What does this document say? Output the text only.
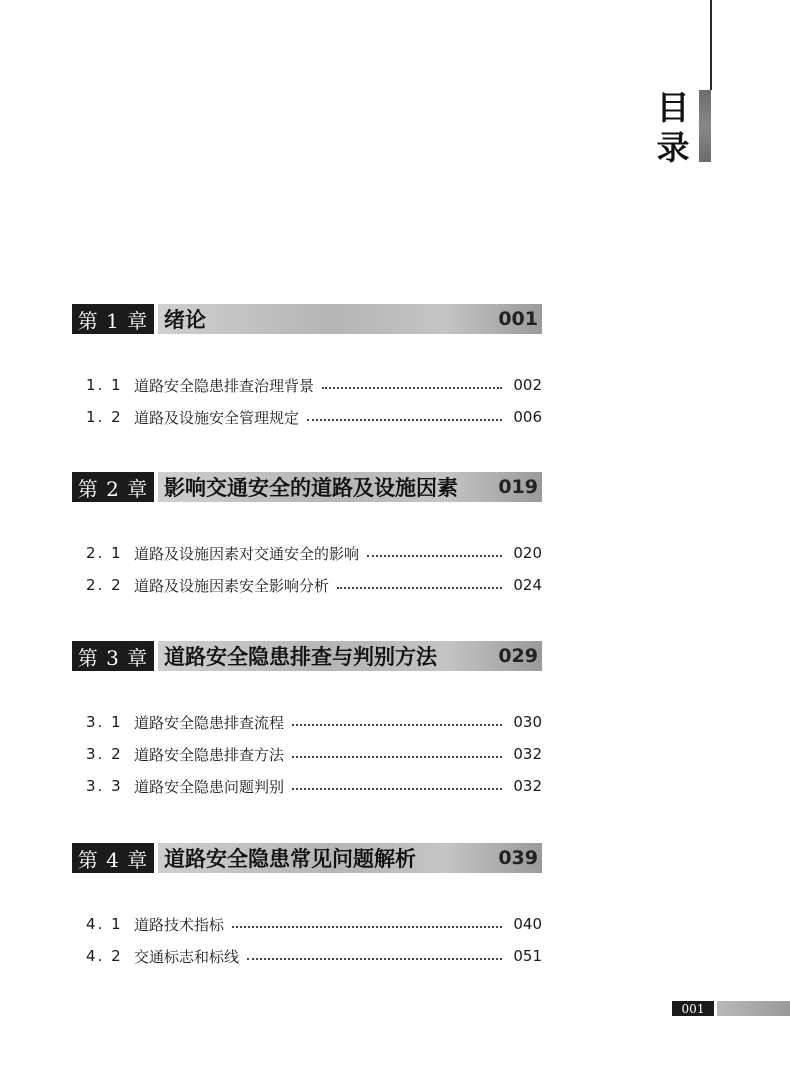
目
录
第 1 章 绪论	001
1. 1 道路安全隐患排查治理背景	002
1. 2 道路及设施安全管理规定	006
第 2 章 影响交通安全的道路及设施因素 019
2. 1 道路及设施因素对交通安全的影响	020
2. 2 道路及设施因素安全影响分析	024
第 3 章 道路安全隐患排查与判别方法	029
3. 1 道路安全隐患排查流程	030
3. 2 道路安全隐患排查方法	032
3. 3 道路安全隐患问题判别	032
第 4 章 道路安全隐患常见问题解析	039
4. 1 道路技术指标	040
4. 2 交通标志和标线	051
001
